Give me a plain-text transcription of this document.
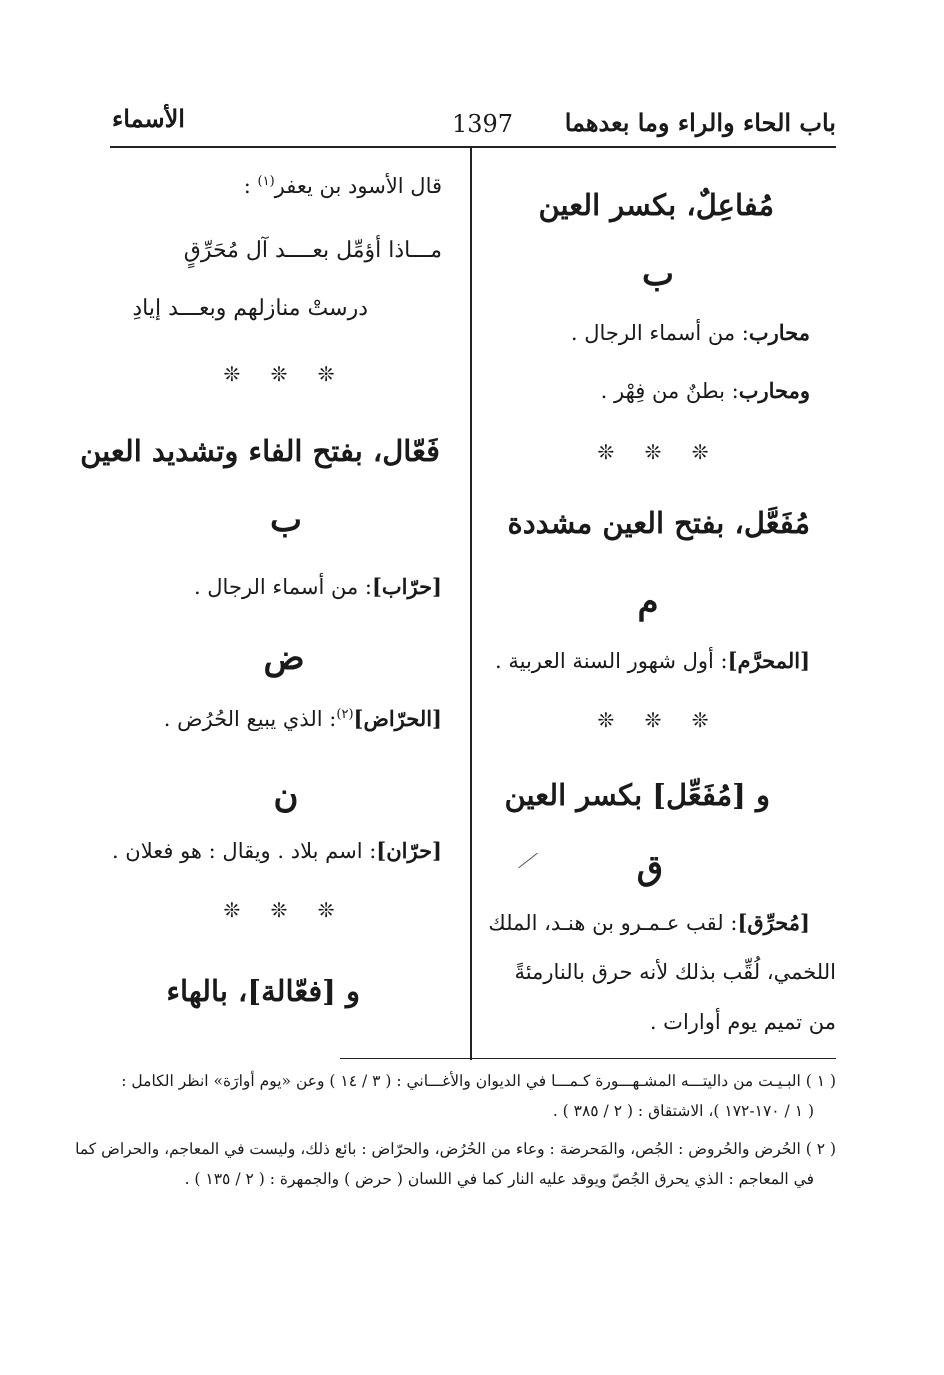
باب الحاء والراء وما بعدهما
1397
الأسماء
مُفاعِلٌ، بكسر العين
ب
محارب: من أسماء الرجال .
ومحارب: بطنٌ من فِهْر .
❊ ❊ ❊
مُفَعَّل، بفتح العين مشددة
م
[المحرَّم]: أول شهور السنة العربية .
❊ ❊ ❊
و [مُفَعِّل] بكسر العين
ق
[مُحرِّق]: لقب عـمـرو بن هنـد، الملك
اللخمي، لُقِّب بذلك لأنه حرق بالنارمئةً
من تميم يوم أوارات .
قال الأسود بن يعفر$^{(١)}$ :
مـــاذا أؤمِّل بعــــد آل مُحَرِّقٍ
درستْ منازلهم وبعـــد إيادِ
❊ ❊ ❊
فَعّال، بفتح الفاء وتشديد العين
ب
[حرّاب]: من أسماء الرجال .
ض
[الحرّاض]$^{(٢)}$: الذي يبيع الحُرُض .
ن
[حرّان]: اسم بلاد . ويقال : هو فعلان .
❊ ❊ ❊
و [فعّالة]، بالهاء
( ١ ) البـيـت من داليتـــه المشـهـــورة كـمـــا في الديوان والأغـــاني : ( ٣ / ١٤ ) وعن «يوم أوارَة» انظر الكامل :
( ١ / ١٧٠-١٧٢ )، الاشتقاق : ( ٢ / ٣٨٥ ) .
( ٢ ) الحُرض والحُروض : الجُص، والمَحرضة : وعاء من الحُرُض، والحرّاض : بائع ذلك، وليست في المعاجم، والحراض كما
في المعاجم : الذي يحرق الجُصّ ويوقد عليه النار كما في اللسان ( حرض ) والجمهرة : ( ٢ / ١٣٥ ) .
